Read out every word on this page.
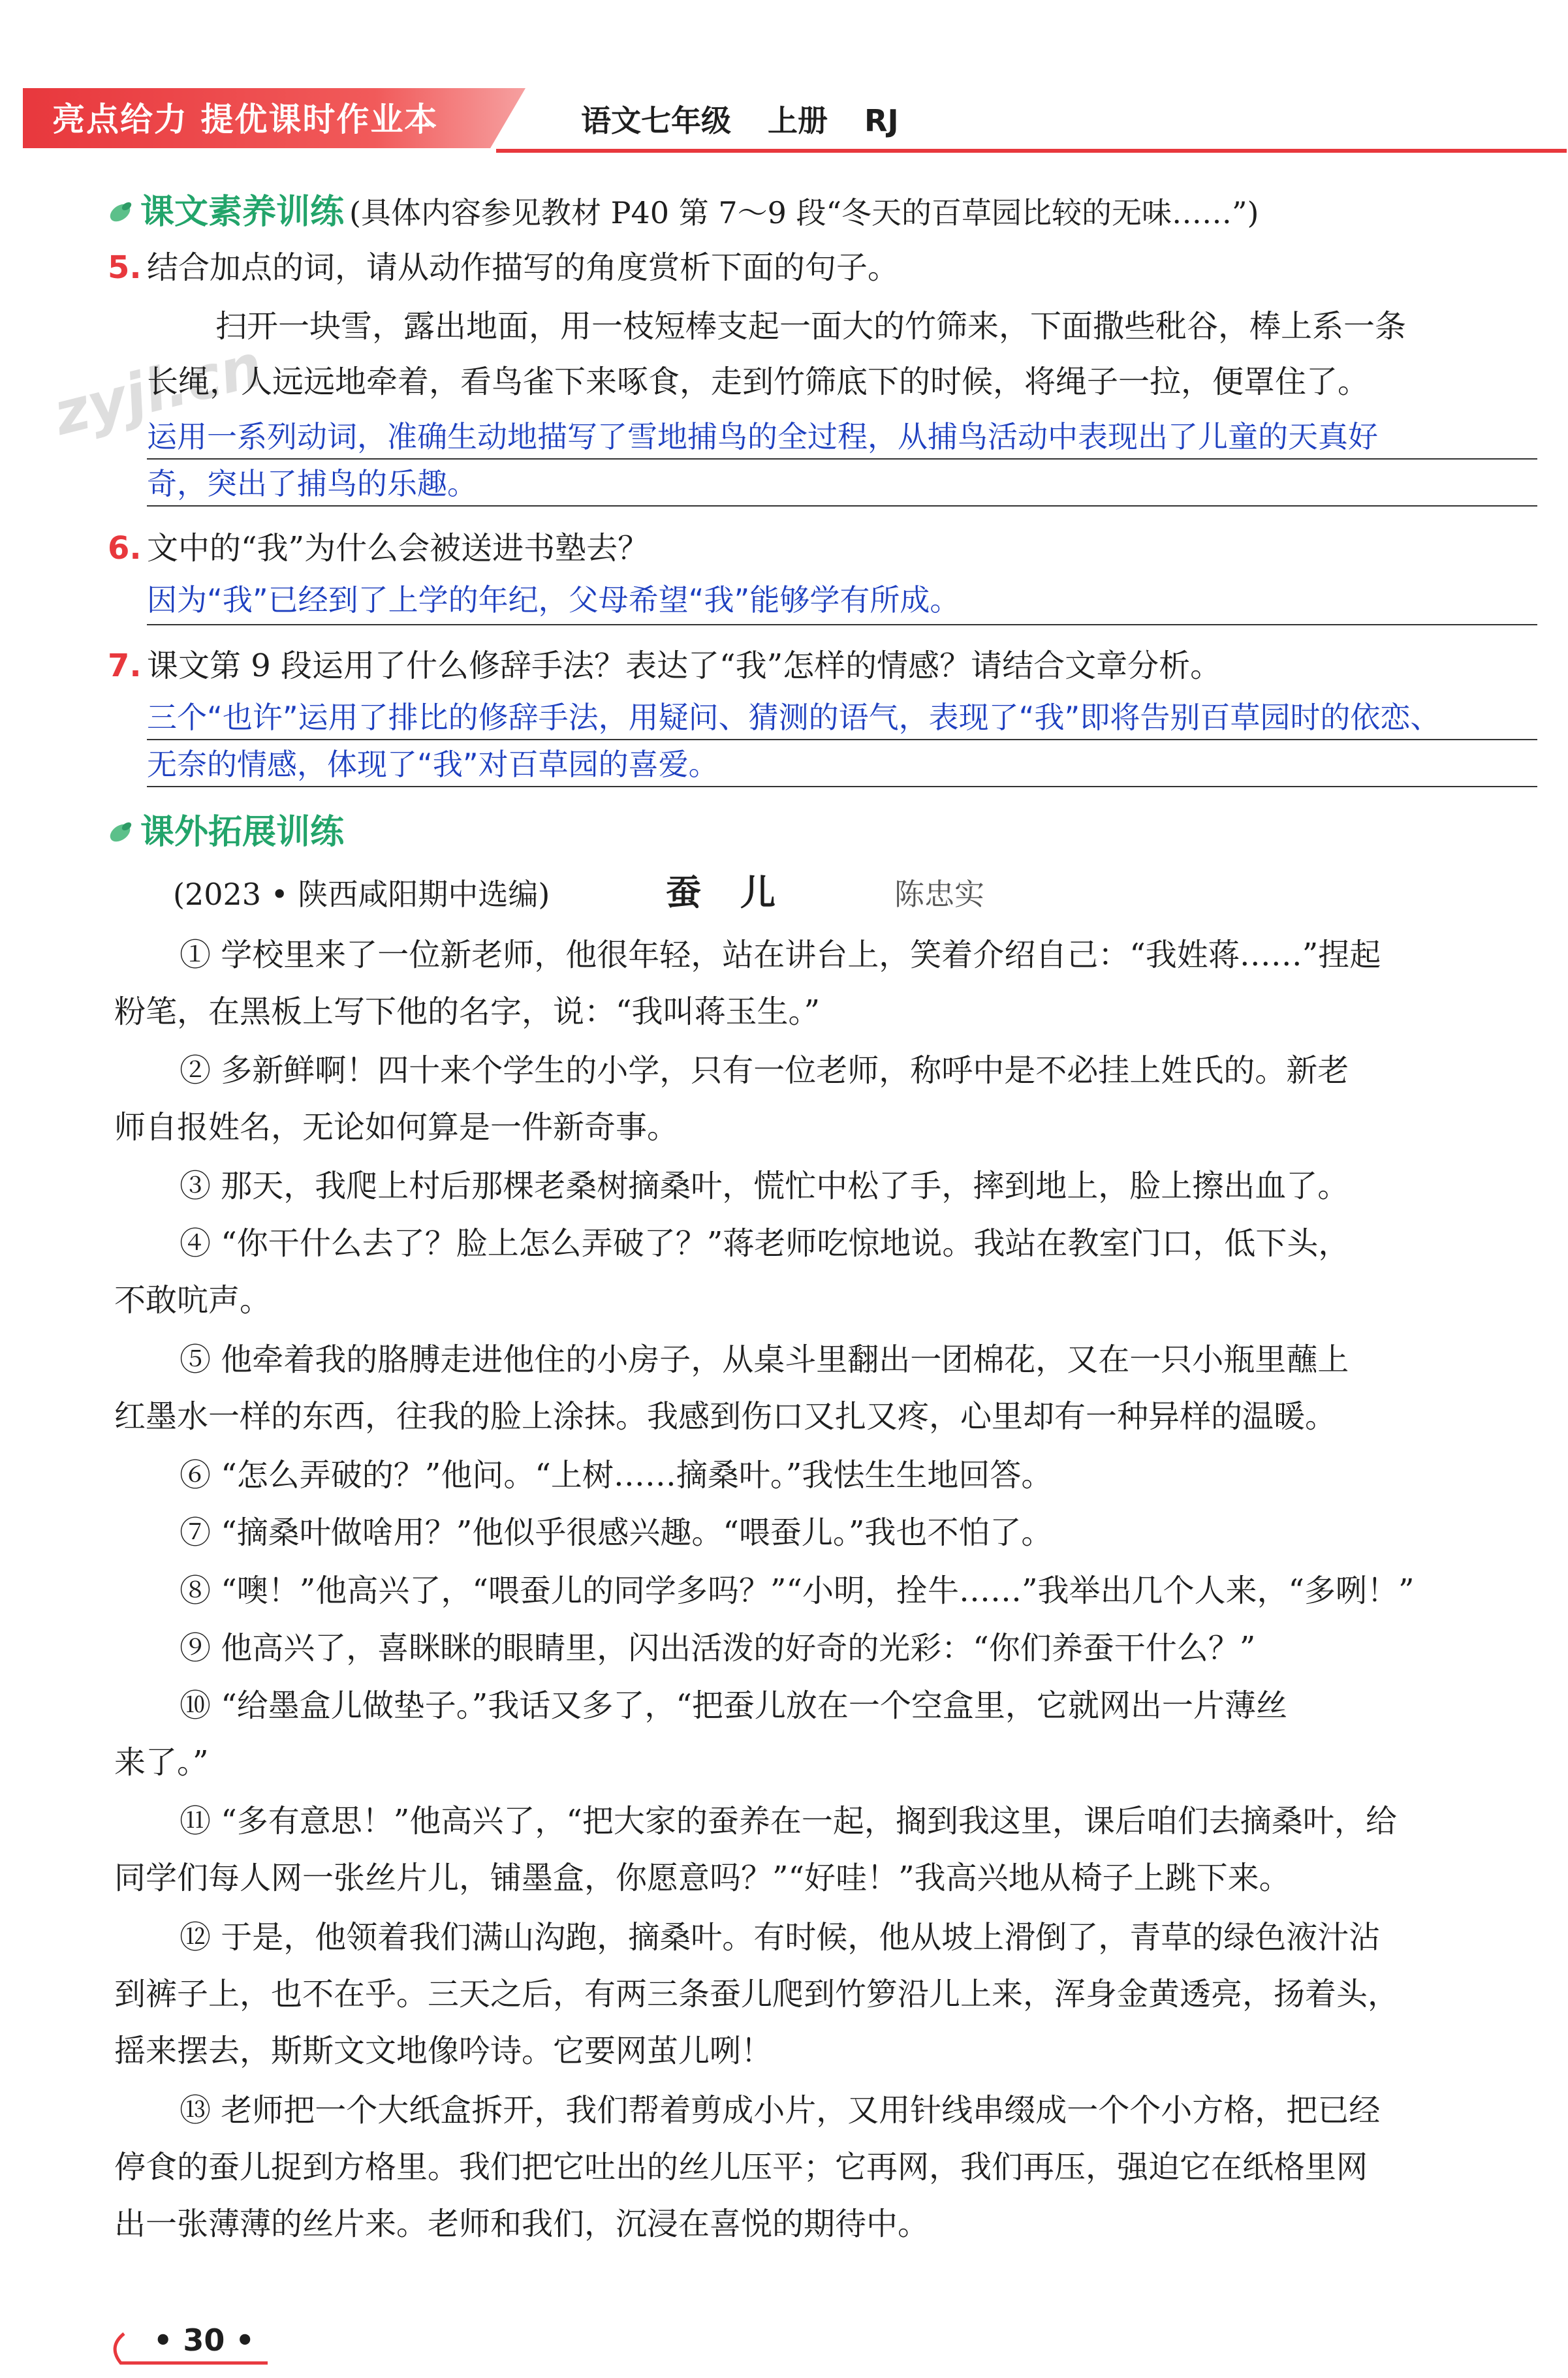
亮点给力 提优课时作业本	语文七年级 上册 RJ
zyjl.cn
课文素养训练 (具体内容参见教材 P40 第 7～9 段“冬天的百草园比较的无味……”)
5. 结合加点的词，请从动作描写的角度赏析下面的句子。
扫开一块雪，露出地面，用一枝短棒支起一面大的竹筛来，下面撒些秕谷，棒上系一条
长绳，人远远地牵着，看鸟雀下来啄食，走到竹筛底下的时候，将绳子一拉，便罩住了。
运用一系列动词，准确生动地描写了雪地捕鸟的全过程，从捕鸟活动中表现出了儿童的天真好
奇，突出了捕鸟的乐趣。
6. 文中的“我”为什么会被送进书塾去？
因为“我”已经到了上学的年纪，父母希望“我”能够学有所成。
7. 课文第 9 段运用了什么修辞手法？表达了“我”怎样的情感？请结合文章分析。
三个“也许”运用了排比的修辞手法，用疑问、猜测的语气，表现了“我”即将告别百草园时的依恋、
无奈的情感，体现了“我”对百草园的喜爱。
课外拓展训练
(2023 • 陕西咸阳期中选编)	蚕儿	陈忠实
① 学校里来了一位新老师，他很年轻，站在讲台上，笑着介绍自己：“我姓蒋……”捏起
粉笔，在黑板上写下他的名字，说：“我叫蒋玉生。”
② 多新鲜啊！四十来个学生的小学，只有一位老师，称呼中是不必挂上姓氏的。新老
师自报姓名，无论如何算是一件新奇事。
③ 那天，我爬上村后那棵老桑树摘桑叶，慌忙中松了手，摔到地上，脸上擦出血了。
④ “你干什么去了？脸上怎么弄破了？”蒋老师吃惊地说。我站在教室门口，低下头，
不敢吭声。
⑤ 他牵着我的胳膊走进他住的小房子，从桌斗里翻出一团棉花，又在一只小瓶里蘸上
红墨水一样的东西，往我的脸上涂抹。我感到伤口又扎又疼，心里却有一种异样的温暖。
⑥ “怎么弄破的？”他问。“上树……摘桑叶。”我怯生生地回答。
⑦ “摘桑叶做啥用？”他似乎很感兴趣。“喂蚕儿。”我也不怕了。
⑧ “噢！”他高兴了，“喂蚕儿的同学多吗？”“小明，拴牛……”我举出几个人来，“多咧！”
⑨ 他高兴了，喜眯眯的眼睛里，闪出活泼的好奇的光彩：“你们养蚕干什么？”
⑩ “给墨盒儿做垫子。”我话又多了，“把蚕儿放在一个空盒里，它就网出一片薄丝
来了。”
⑪ “多有意思！”他高兴了，“把大家的蚕养在一起，搁到我这里，课后咱们去摘桑叶，给
同学们每人网一张丝片儿，铺墨盒，你愿意吗？”“好哇！”我高兴地从椅子上跳下来。
⑫ 于是，他领着我们满山沟跑，摘桑叶。有时候，他从坡上滑倒了，青草的绿色液汁沾
到裤子上，也不在乎。三天之后，有两三条蚕儿爬到竹箩沿儿上来，浑身金黄透亮，扬着头，
摇来摆去，斯斯文文地像吟诗。它要网茧儿咧！
⑬ 老师把一个大纸盒拆开，我们帮着剪成小片，又用针线串缀成一个个小方格，把已经
停食的蚕儿捉到方格里。我们把它吐出的丝儿压平；它再网，我们再压，强迫它在纸格里网
出一张薄薄的丝片来。老师和我们，沉浸在喜悦的期待中。
• 30 •
